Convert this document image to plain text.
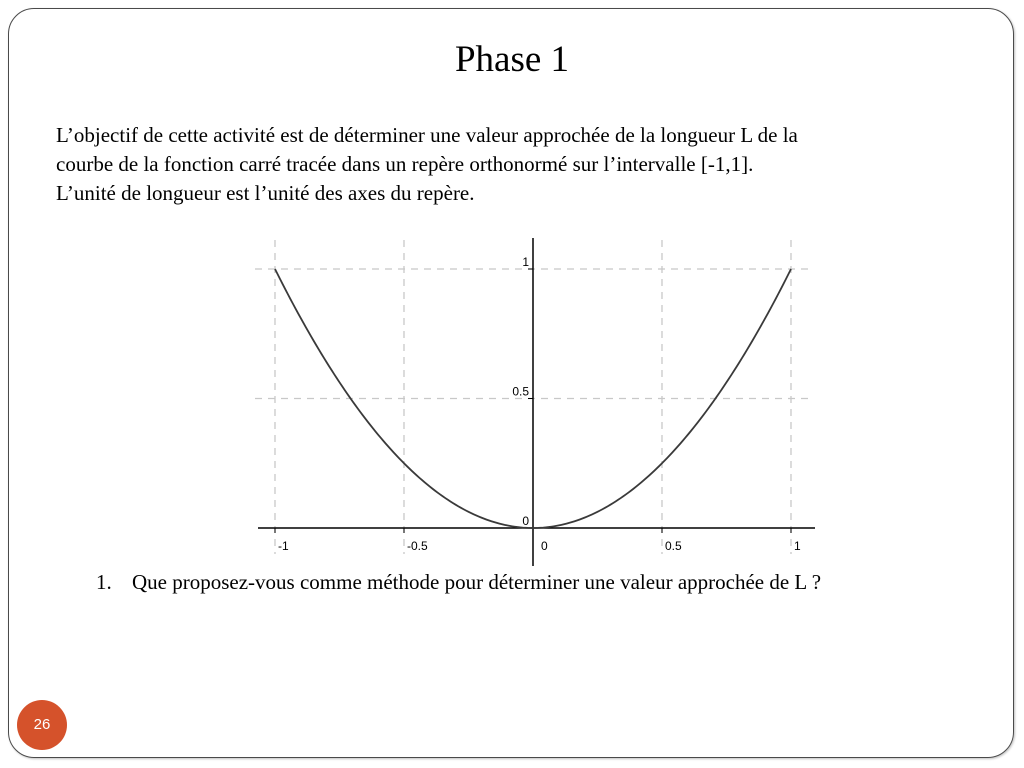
Phase 1

L’objectif de cette activité est de déterminer une valeur approchée de la longueur L de la

courbe de la fonction carré tracée dans un repère orthonormé sur l’intervalle [-1,1].

L’unité de longueur est l’unité des axes du repère.

-1	-0.5	0	0.5	1
0
0.5
1
1. Que proposez-vous comme méthode pour déterminer une valeur approchée de L ?
26
